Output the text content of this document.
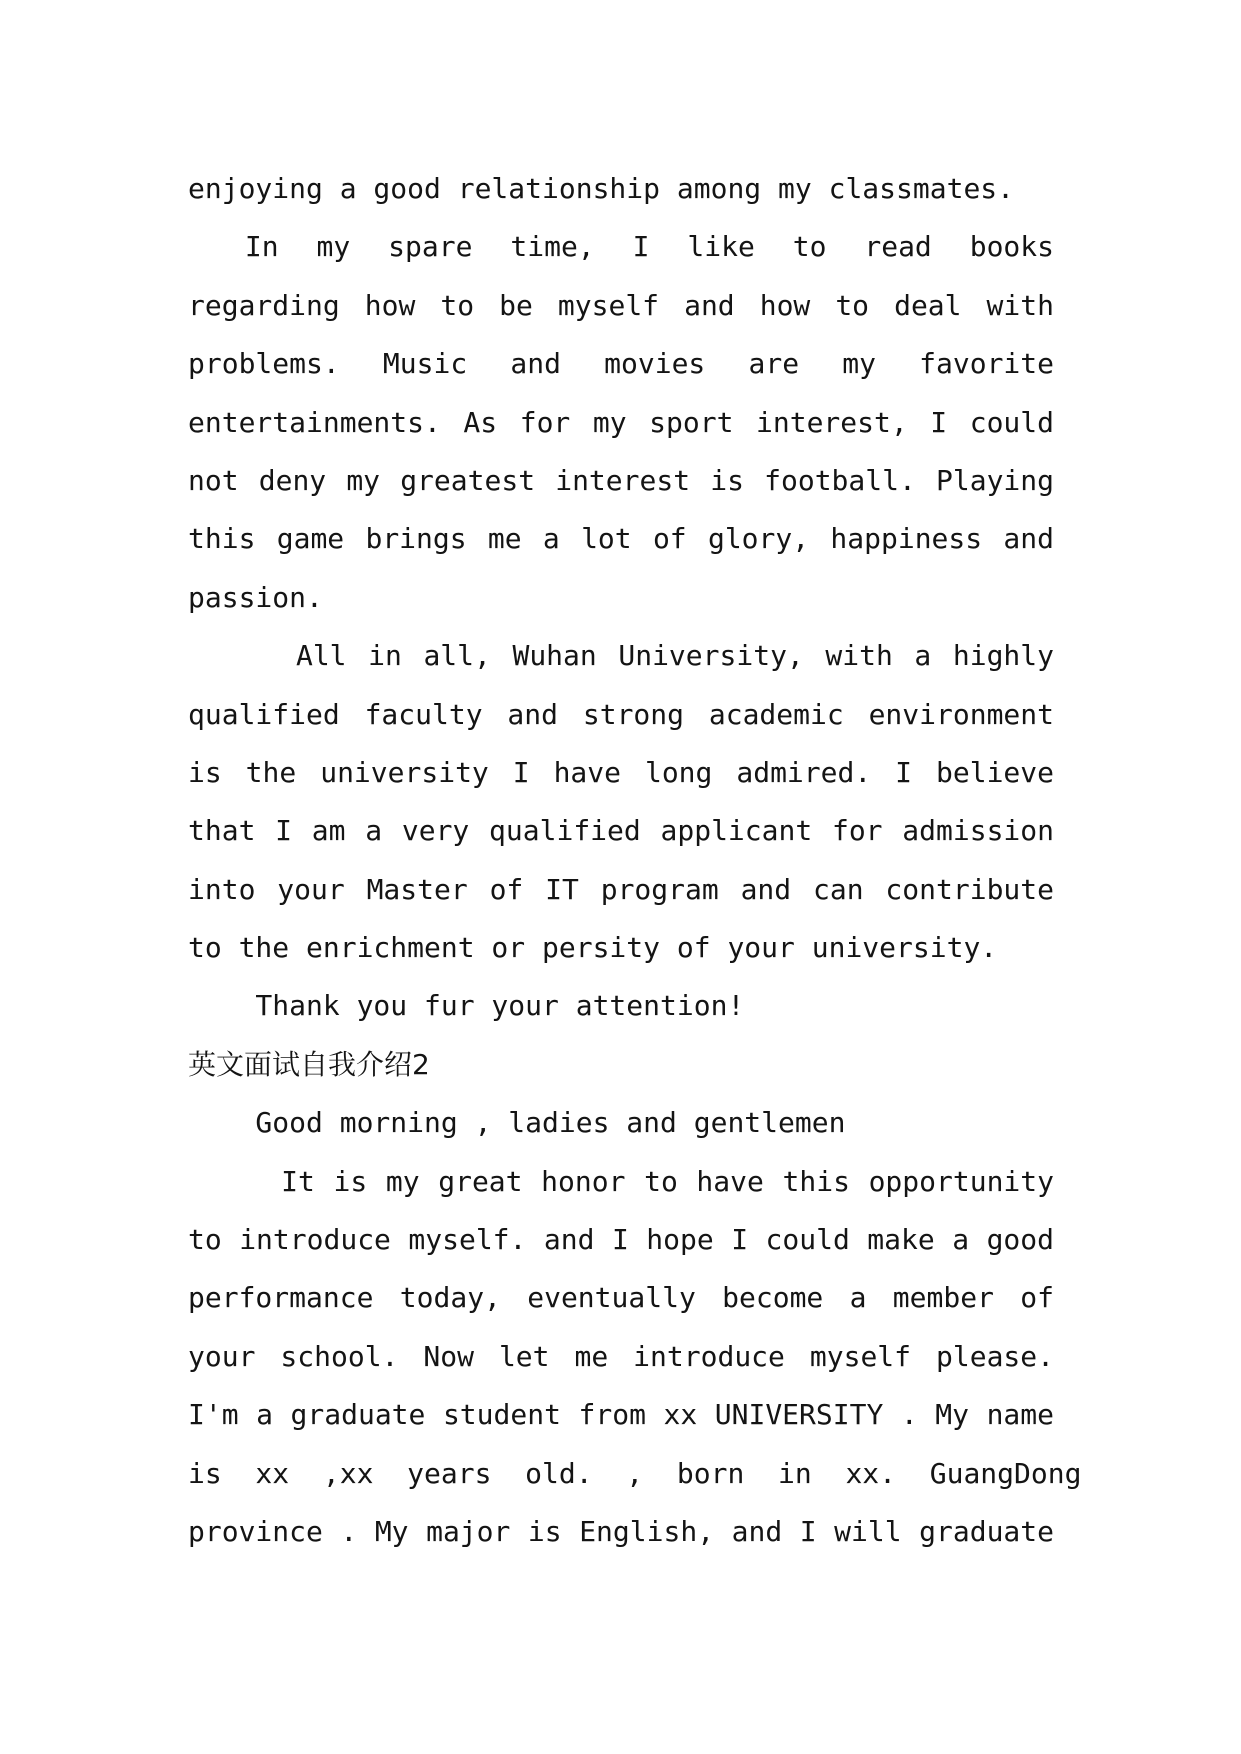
enjoying a good relationship among my classmates.
In  my  spare  time,  I  like  to  read  books
regarding how to be myself and how to deal with
problems.  Music  and  movies  are  my  favorite
entertainments. As for my sport interest, I could
not deny my greatest interest is football. Playing
this game brings me a lot of glory, happiness and
passion.
All in all, Wuhan University, with a highly
qualified faculty and strong academic environment
is the university I have long admired. I believe
that I am a very qualified applicant for admission
into your Master of IT program and can contribute
to the enrichment or persity of your university.
Thank you fur your attention!
英文面试自我介绍2
Good morning , ladies and gentlemen
It is my great honor to have this opportunity
to introduce myself. and I hope I could make a good
performance today, eventually become a member of
your school. Now let me introduce myself please.
I'm a graduate student from xx UNIVERSITY . My name
is  xx  ,xx  years  old.  ,  born  in  xx.  GuangDong
province . My major is English, and I will graduate
